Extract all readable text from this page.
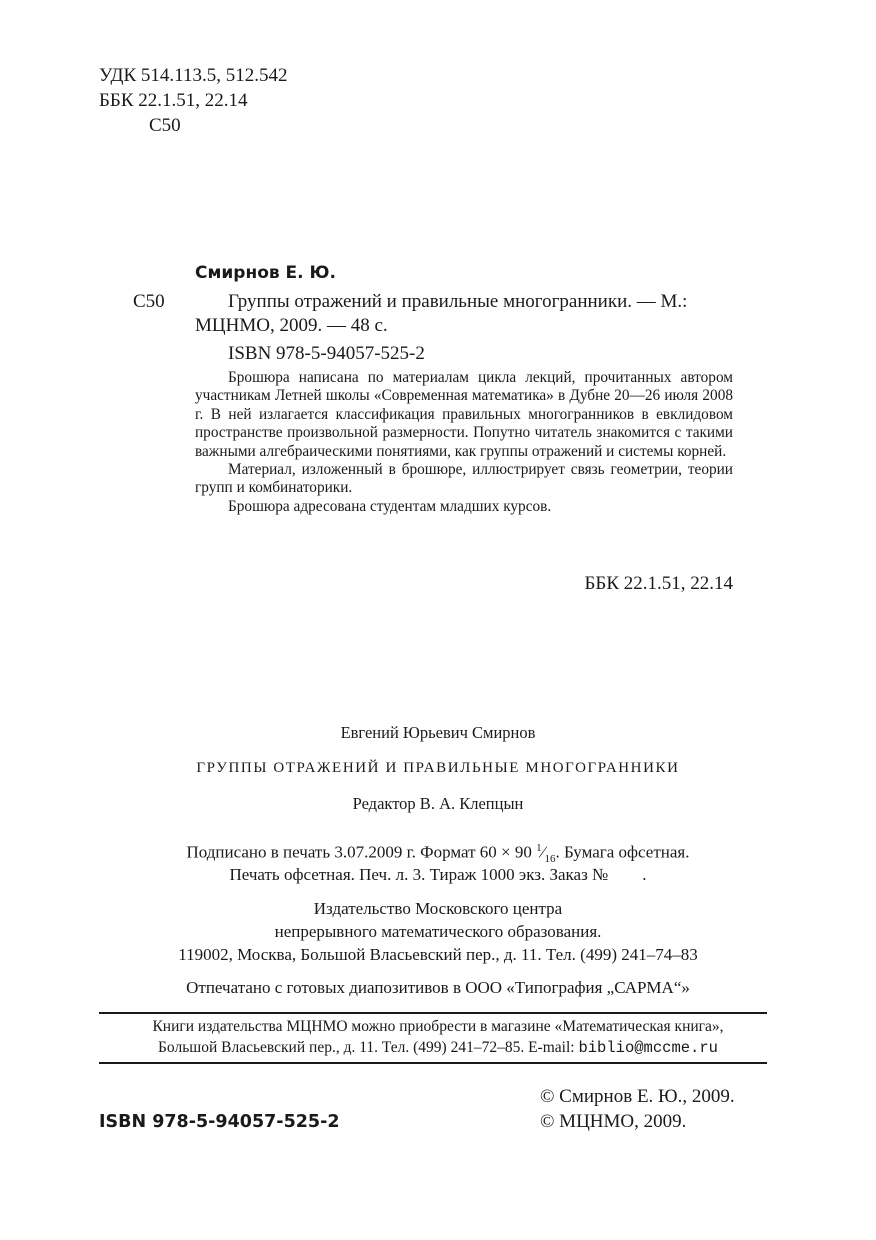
УДК 514.113.5, 512.542
ББК 22.1.51, 22.14
С50
Смирнов Е. Ю.
С50	Группы отражений и правильные многогранники. — М.:
МЦНМО, 2009. — 48 с.
ISBN 978-5-94057-525-2

Брошюра написана по материалам цикла лекций, прочитанных автором участникам Летней школы «Современная математика» в Дубне 20—26 июля 2008 г. В ней излагается классификация правильных многогранников в евклидовом пространстве произвольной размерности. Попутно читатель знакомится с такими важными алгебраическими понятиями, как группы отражений и системы корней.

Материал, изложенный в брошюре, иллюстрирует связь геометрии, теории групп и комбинаторики.

Брошюра адресована студентам младших курсов.

ББК 22.1.51, 22.14
Евгений Юрьевич Смирнов
ГРУППЫ ОТРАЖЕНИЙ И ПРАВИЛЬНЫЕ МНОГОГРАННИКИ
Редактор В. А. Клепцын
Подписано в печать 3.07.2009 г. Формат 60 × 90 $^1⁄_{16}$. Бумага офсетная.
Печать офсетная. Печ. л. 3. Тираж 1000 экз. Заказ №        .
Издательство Московского центра
непрерывного математического образования.
119002, Москва, Большой Власьевский пер., д. 11. Тел. (499) 241–74–83
Отпечатано с готовых диапозитивов в ООО «Типография „САРМА“»
Книги издательства МЦНМО можно приобрести в магазине «Математическая книга»,
Большой Власьевский пер., д. 11. Тел. (499) 241–72–85. E-mail: biblio@mccme.ru
ISBN 978-5-94057-525-2
© Смирнов Е. Ю., 2009.
© МЦНМО, 2009.
